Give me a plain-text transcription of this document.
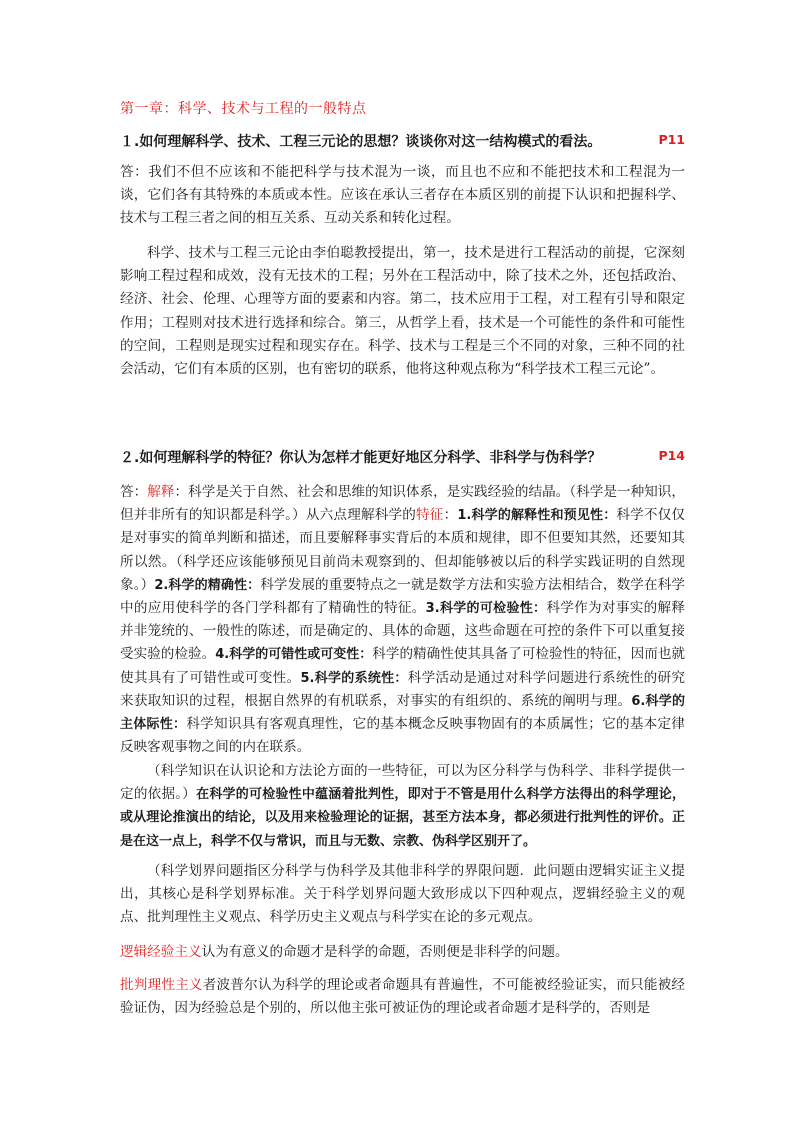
第一章：科学、技术与工程的一般特点
１.如何理解科学、技术、工程三元论的思想？谈谈你对这一结构模式的看法。	P11

答：我们不但不应该和不能把科学与技术混为一谈，而且也不应和不能把技术和工程混为一谈，它们各有其特殊的本质或本性。应该在承认三者存在本质区别的前提下认识和把握科学、技术与工程三者之间的相互关系、互动关系和转化过程。

科学、技术与工程三元论由李伯聪教授提出，第一，技术是进行工程活动的前提，它深刻影响工程过程和成效，没有无技术的工程；另外在工程活动中，除了技术之外，还包括政治、经济、社会、伦理、心理等方面的要素和内容。第二，技术应用于工程，对工程有引导和限定作用；工程则对技术进行选择和综合。第三，从哲学上看，技术是一个可能性的条件和可能性的空间，工程则是现实过程和现实存在。科学、技术与工程是三个不同的对象，三种不同的社会活动，它们有本质的区别，也有密切的联系，他将这种观点称为“科学技术工程三元论”。

２.如何理解科学的特征？你认为怎样才能更好地区分科学、非科学与伪科学？	P14

答：解释：科学是关于自然、社会和思维的知识体系，是实践经验的结晶。（科学是一种知识，但并非所有的知识都是科学。）从六点理解科学的特征：1.科学的解释性和预见性：科学不仅仅是对事实的简单判断和描述，而且要解释事实背后的本质和规律，即不但要知其然，还要知其所以然。（科学还应该能够预见目前尚未观察到的、但却能够被以后的科学实践证明的自然现象。）2.科学的精确性：科学发展的重要特点之一就是数学方法和实验方法相结合，数学在科学中的应用使科学的各门学科都有了精确性的特征。3.科学的可检验性：科学作为对事实的解释并非笼统的、一般性的陈述，而是确定的、具体的命题，这些命题在可控的条件下可以重复接受实验的检验。4.科学的可错性或可变性：科学的精确性使其具备了可检验性的特征，因而也就使其具有了可错性或可变性。5.科学的系统性：科学活动是通过对科学问题进行系统性的研究来获取知识的过程，根据自然界的有机联系，对事实的有组织的、系统的阐明与理。6.科学的主体际性：科学知识具有客观真理性，它的基本概念反映事物固有的本质属性；它的基本定律反映客观事物之间的内在联系。

（科学知识在认识论和方法论方面的一些特征，可以为区分科学与伪科学、非科学提供一定的依据。）在科学的可检验性中蕴涵着批判性，即对于不管是用什么科学方法得出的科学理论，或从理论推演出的结论，以及用来检验理论的证据，甚至方法本身，都必须进行批判性的评价。正是在这一点上，科学不仅与常识，而且与无数、宗教、伪科学区别开了。

（科学划界问题指区分科学与伪科学及其他非科学的界限问题．此问题由逻辑实证主义提出，其核心是科学划界标准。关于科学划界问题大致形成以下四种观点，逻辑经验主义的观点、批判理性主义观点、科学历史主义观点与科学实在论的多元观点。

逻辑经验主义认为有意义的命题才是科学的命题，否则便是非科学的问题。

批判理性主义者波普尔认为科学的理论或者命题具有普遍性，不可能被经验证实，而只能被经验证伪，因为经验总是个别的，所以他主张可被证伪的理论或者命题才是科学的，否则是
